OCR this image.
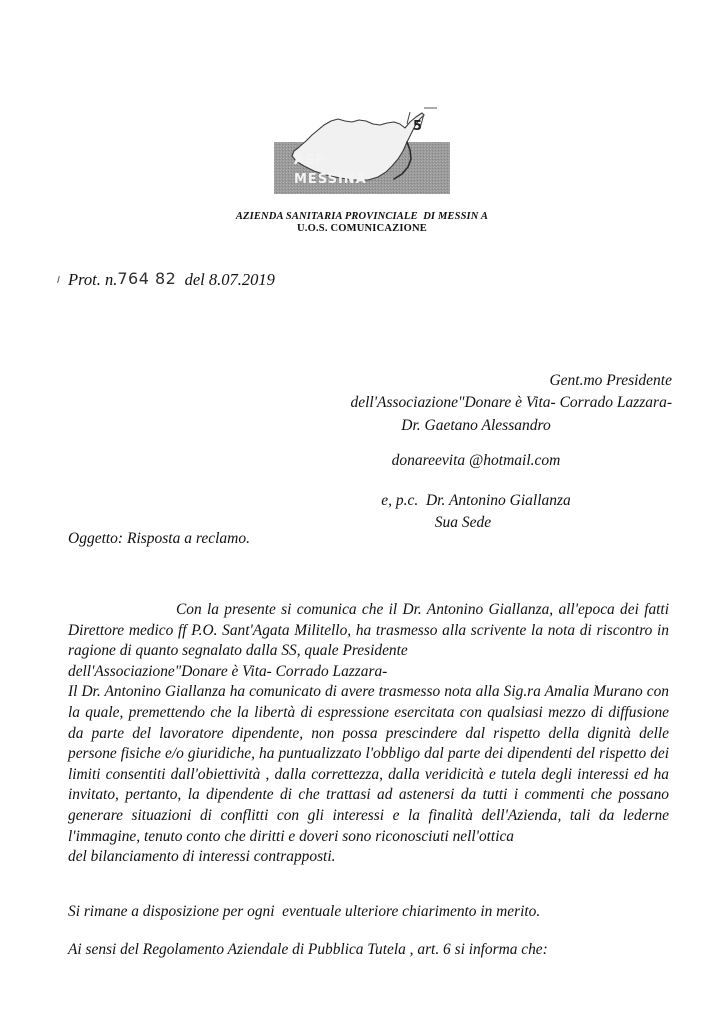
5
ASP
MESSINA
AZIENDA SANITARIA PROVINCIALE  DI MESSIN A
U.O.S. COMUNICAZIONE
Prot. n.764 82 del 8.07.2019
Gent.mo Presidente
dell'Associazione"Donare è Vita- Corrado Lazzara-
Dr. Gaetano Alessandro
donareevita @hotmail.com
e, p.c.  Dr. Antonino Giallanza
Sua Sede
Oggetto: Risposta a reclamo.

Con la presente si comunica che il Dr. Antonino Giallanza, all'epoca dei fatti Direttore medico ff P.O. Sant'Agata Militello, ha trasmesso alla scrivente la nota di riscontro in ragione di quanto segnalato dalla SS, quale Presidente

dell'Associazione"Donare è Vita- Corrado Lazzara-

Il Dr. Antonino Giallanza ha comunicato di avere trasmesso nota alla Sig.ra Amalia Murano con la quale, premettendo che la libertà di espressione esercitata con qualsiasi mezzo di diffusione da parte del lavoratore dipendente, non possa prescindere dal rispetto della dignità delle persone fisiche e/o giuridiche, ha puntualizzato l'obbligo dal parte dei dipendenti del rispetto dei limiti consentiti dall'obiettività , dalla correttezza, dalla veridicità e tutela degli interessi ed ha invitato, pertanto, la dipendente di che trattasi ad astenersi da tutti i commenti che possano generare situazioni di conflitti con gli interessi e la finalità dell'Azienda, tali da lederne l'immagine, tenuto conto che diritti e doveri sono riconosciuti nell'ottica

del bilanciamento di interessi contrapposti.

Si rimane a disposizione per ogni  eventuale ulteriore chiarimento in merito.
Ai sensi del Regolamento Aziendale di Pubblica Tutela , art. 6 si informa che:
